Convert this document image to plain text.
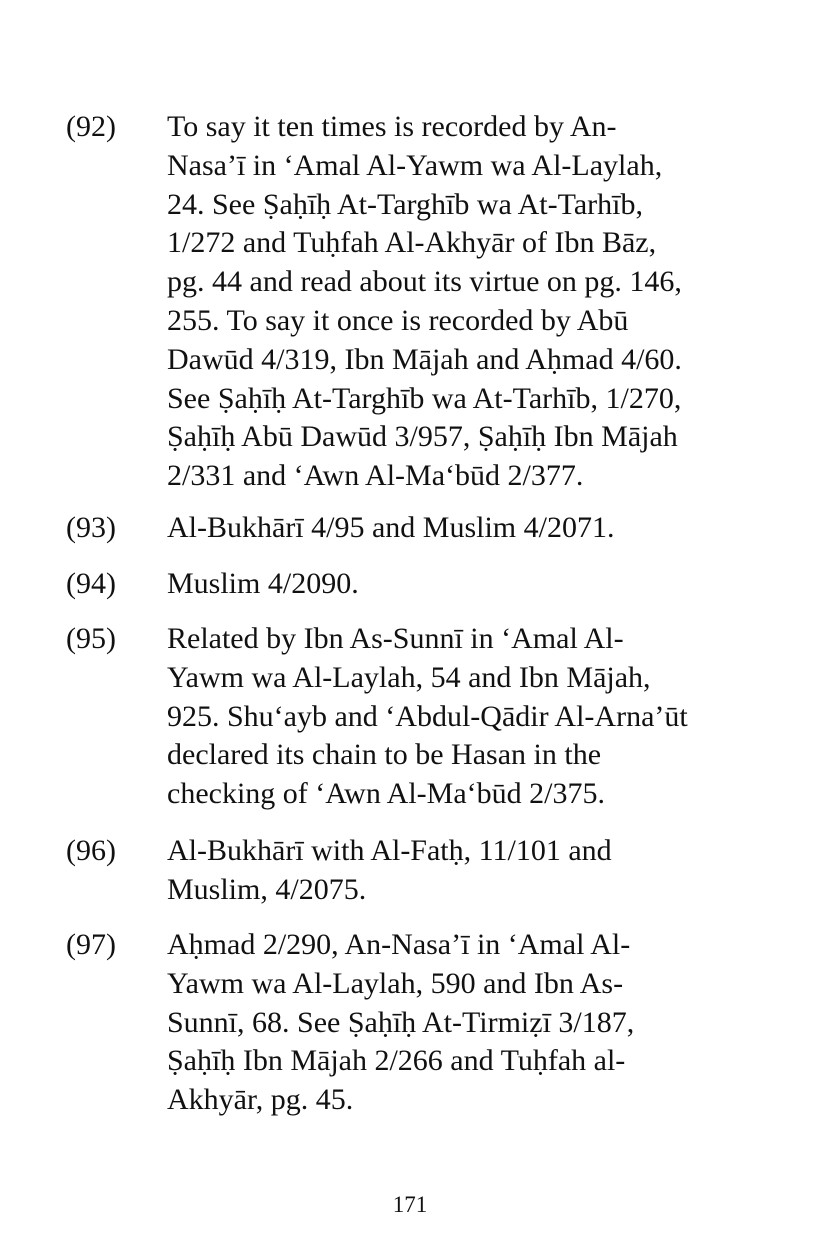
(92)	To say it ten times is recorded by An-
Nasa’ī in ‘Amal Al-Yawm wa Al-Laylah,
24. See Ṣaḥīḥ At-Targhīb wa At-Tarhīb,
1/272 and Tuḥfah Al-Akhyār of Ibn Bāz,
pg. 44 and read about its virtue on pg. 146,
255. To say it once is recorded by Abū
Dawūd 4/319, Ibn Mājah and Aḥmad 4/60.
See Ṣaḥīḥ At-Targhīb wa At-Tarhīb, 1/270,
Ṣaḥīḥ Abū Dawūd 3/957, Ṣaḥīḥ Ibn Mājah
2/331 and ‘Awn Al-Ma‘būd 2/377.
(93)	Al-Bukhārī 4/95 and Muslim 4/2071.
(94)	Muslim 4/2090.
(95)	Related by Ibn As-Sunnī in ‘Amal Al-
Yawm wa Al-Laylah, 54 and Ibn Mājah,
925. Shu‘ayb and ‘Abdul-Qādir Al-Arna’ūt
declared its chain to be Hasan in the
checking of ‘Awn Al-Ma‘būd 2/375.
(96)	Al-Bukhārī with Al-Fatḥ, 11/101 and
Muslim, 4/2075.
(97)	Aḥmad 2/290, An-Nasa’ī in ‘Amal Al-
Yawm wa Al-Laylah, 590 and Ibn As-
Sunnī, 68. See Ṣaḥīḥ At-Tirmiẓī 3/187,
Ṣaḥīḥ Ibn Mājah 2/266 and Tuḥfah al-
Akhyār, pg. 45.
171
